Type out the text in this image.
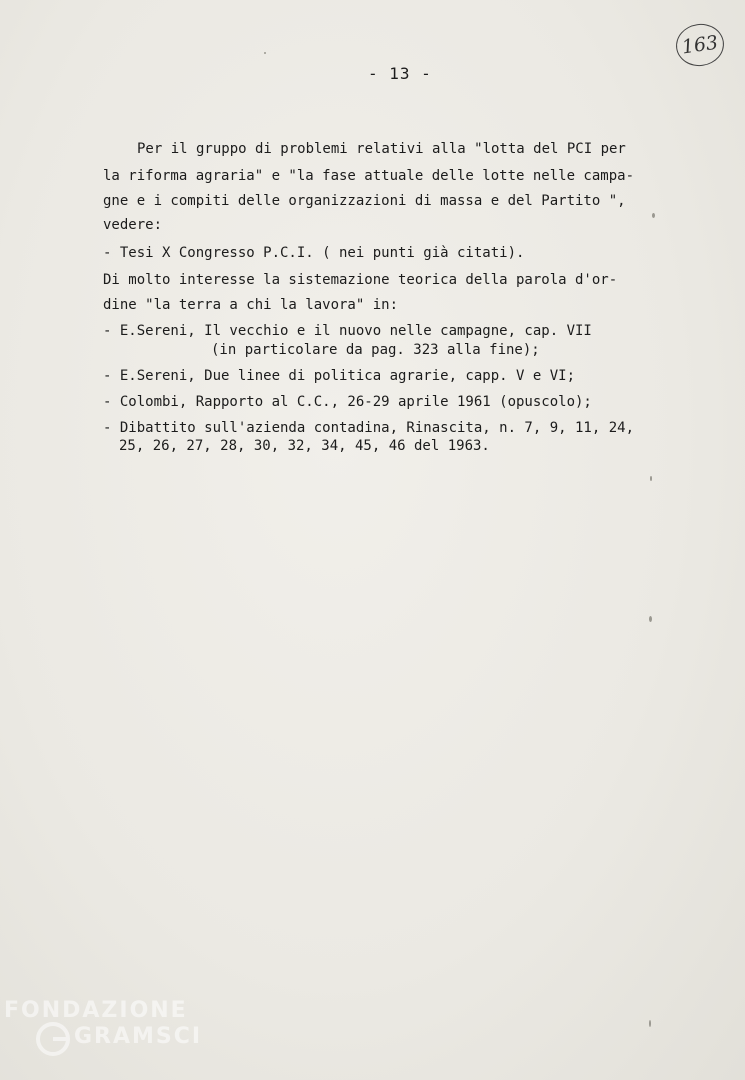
163
- 13 -
Per il gruppo di problemi relativi alla "lotta del PCI per
la riforma agraria" e "la fase attuale delle lotte nelle campa-
gne e i compiti delle organizzazioni di massa e del Partito ",
vedere:
- Tesi X Congresso P.C.I. ( nei punti già citati).
Di molto interesse la sistemazione teorica della parola d'or-
dine "la terra a chi la lavora" in:
- E.Sereni, Il vecchio e il nuovo nelle campagne, cap. VII
(in particolare da pag. 323 alla fine);
- E.Sereni, Due linee di politica agrarie, capp. V e VI;
- Colombi, Rapporto al C.C., 26-29 aprile 1961 (opuscolo);
- Dibattito sull'azienda contadina, Rinascita, n. 7, 9, 11, 24,
25, 26, 27, 28, 30, 32, 34, 45, 46 del 1963.
FONDAZIONE
GRAMSCI
